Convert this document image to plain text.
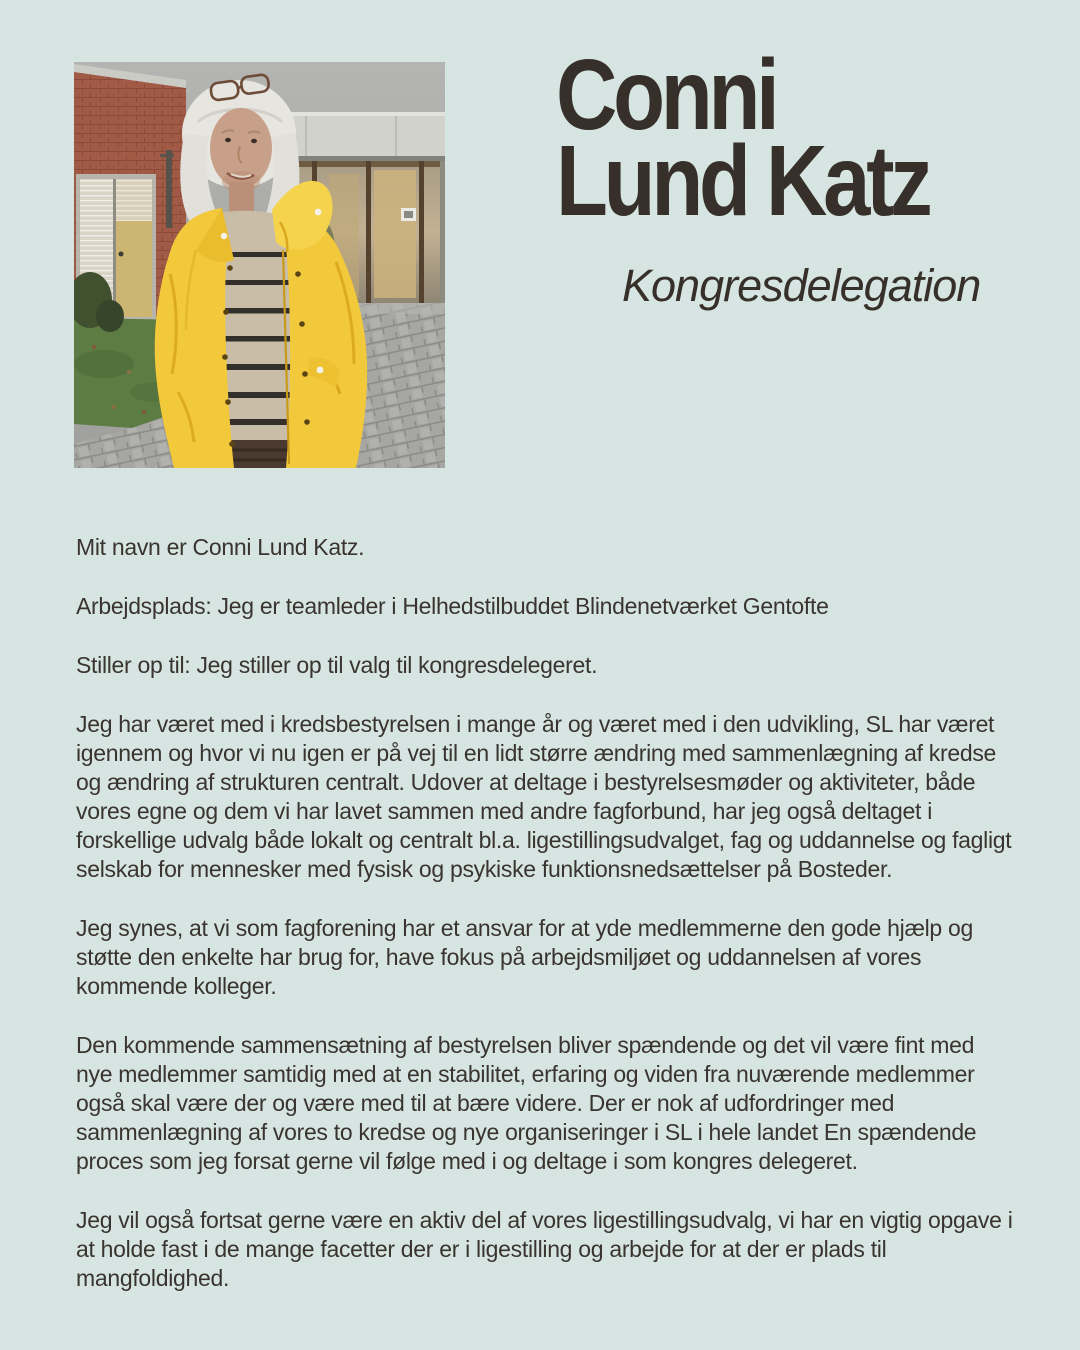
Conni
Lund Katz
Kongresdelegation

Mit navn er Conni Lund Katz.

Arbejdsplads: Jeg er teamleder i Helhedstilbuddet Blindenetværket Gentofte

Stiller op til: Jeg stiller op til valg til kongresdelegeret.

Jeg har været med i kredsbestyrelsen i mange år og været med i den udvikling, SL har været igennem og hvor vi nu igen er på vej til en lidt større ændring med sammenlægning af kredse og ændring af strukturen centralt. Udover at deltage i bestyrelsesmøder og aktiviteter, både vores egne og dem vi har lavet sammen med andre fagforbund, har jeg også deltaget i forskellige udvalg både lokalt og centralt bl.a. ligestillingsudvalget, fag og uddannelse og fagligt selskab for mennesker med fysisk og psykiske funktionsnedsættelser på Bosteder.

Jeg synes, at vi som fagforening har et ansvar for at yde medlemmerne den gode hjælp og støtte den enkelte har brug for, have fokus på arbejdsmiljøet og uddannelsen af vores kommende kolleger.

Den kommende sammensætning af bestyrelsen bliver spændende og det vil være fint med nye medlemmer samtidig med at en stabilitet, erfaring og viden fra nuværende medlemmer også skal være der og være med til at bære videre. Der er nok af udfordringer med sammenlægning af vores to kredse og nye organiseringer i SL i hele landet En spændende proces som jeg forsat gerne vil følge med i og deltage i som kongres delegeret.

Jeg vil også fortsat gerne være en aktiv del af vores ligestillingsudvalg, vi har en vigtig opgave i at holde fast i de mange facetter der er i ligestilling og arbejde for at der er plads til mangfoldighed.
